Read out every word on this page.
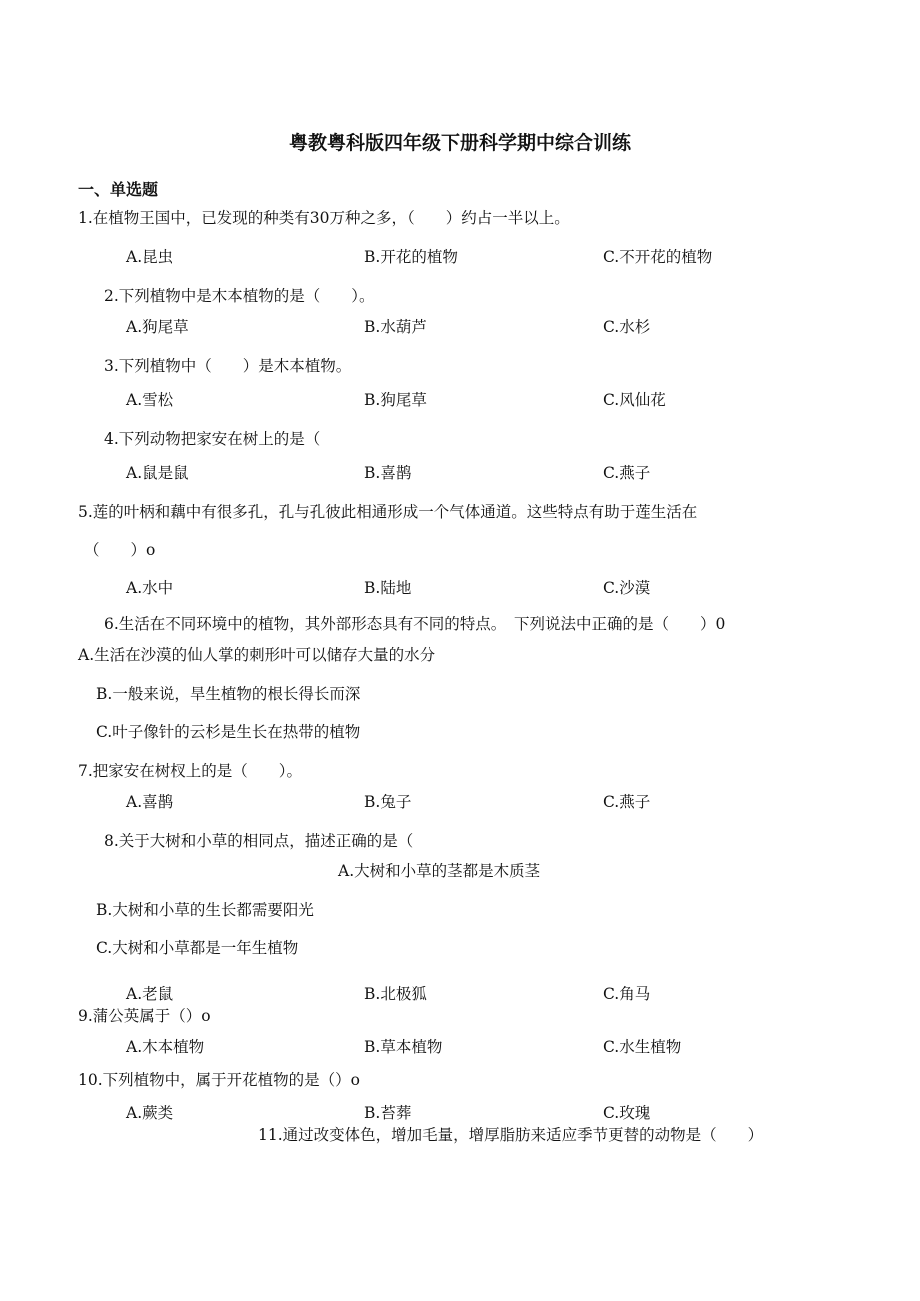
粤教粤科版四年级下册科学期中综合训练
一、单选题
1.在植物王国中，已发现的种类有30万种之多，（　　）约占一半以上。
A.昆虫	B.开花的植物	C.不开花的植物
2.下列植物中是木本植物的是（　　）。
A.狗尾草	B.水葫芦	C.水杉
3.下列植物中（　　）是木本植物。
A.雪松	B.狗尾草	C.风仙花
4.下列动物把家安在树上的是（
A.鼠是鼠	B.喜鹊	C.燕子
5.莲的叶柄和藕中有很多孔，孔与孔彼此相通形成一个气体通道。这些特点有助于莲生活在
（　　）o
A.水中	B.陆地	C.沙漠
6.生活在不同环境中的植物，其外部形态具有不同的特点。　下列说法中正确的是（　　）0
A.生活在沙漠的仙人掌的刺形叶可以储存大量的水分
B.一般来说，旱生植物的根长得长而深
C.叶子像针的云杉是生长在热带的植物
7.把家安在树杈上的是（　　）。
A.喜鹊	B.兔子	C.燕子
8.关于大树和小草的相同点，描述正确的是（
A.大树和小草的茎都是木质茎
B.大树和小草的生长都需要阳光
C.大树和小草都是一年生植物
A.老鼠	B.北极狐	C.角马
9.蒲公英属于（）o
A.木本植物	B.草本植物	C.水生植物
10.下列植物中，属于开花植物的是（）o
A.蕨类	B.苔葬	C.玫瑰
11.通过改变体色，增加毛量，增厚脂肪来适应季节更替的动物是（　　）
